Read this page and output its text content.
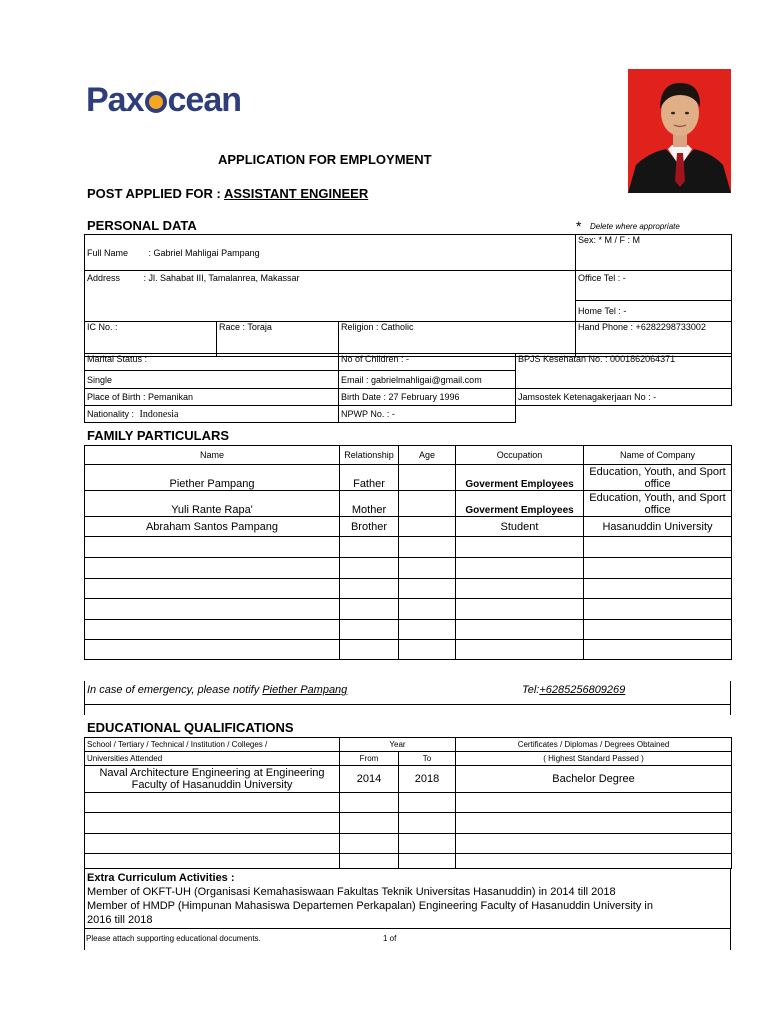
Pax cean
APPLICATION FOR EMPLOYMENT
POST APPLIED FOR : ASSISTANT ENGINEER
PERSONAL DATA	* Delete where appropriate
Full Name : Gabriel Mahligai Pampang			Sex: * M / F : M
Address : Jl. Sahabat III, Tamalanrea, Makassar			Office Tel : -
			Home Tel : -
IC No. :	Race : Toraja	Religion : Catholic	Hand Phone : +6282298733002
Marital Status :	No of Children : -	BPJS Kesehatan No. : 0001862064371
Single	Email : gabrielmahligai@gmail.com	
Place of Birth : Pemanikan	Birth Date : 27 February 1996	Jamsostek Ketenagakerjaan No : -
Nationality : Indonesia	NPWP No. : -	
FAMILY PARTICULARS
Name	Relationship	Age	Occupation	Name of Company
Piether Pampang	Father		Goverment Employees	Education, Youth, and Sport office
Yuli Rante Rapa'	Mother		Goverment Employees	Education, Youth, and Sport office
Abraham Santos Pampang	Brother		Student	Hasanuddin University

In case of emergency, please notify Piether Pampang	Tel:+6285256809269
EDUCATIONAL QUALIFICATIONS
School / Tertiary / Technical / Institution / Colleges /	Year		Certificates / Diplomas / Degrees Obtained
Universities Attended	From	To	( Highest Standard Passed )
Naval Architecture Engineering at Engineering Faculty of Hasanuddin University	2014	2018	Bachelor Degree

Extra Curriculum Activities :
Member of OKFT-UH (Organisasi Kemahasiswaan Fakultas Teknik Universitas Hasanuddin) in 2014 till 2018
Member of HMDP (Himpunan Mahasiswa Departemen Perkapalan) Engineering Faculty of Hasanuddin University in
2016 till 2018
Please attach supporting educational documents.	1 of
